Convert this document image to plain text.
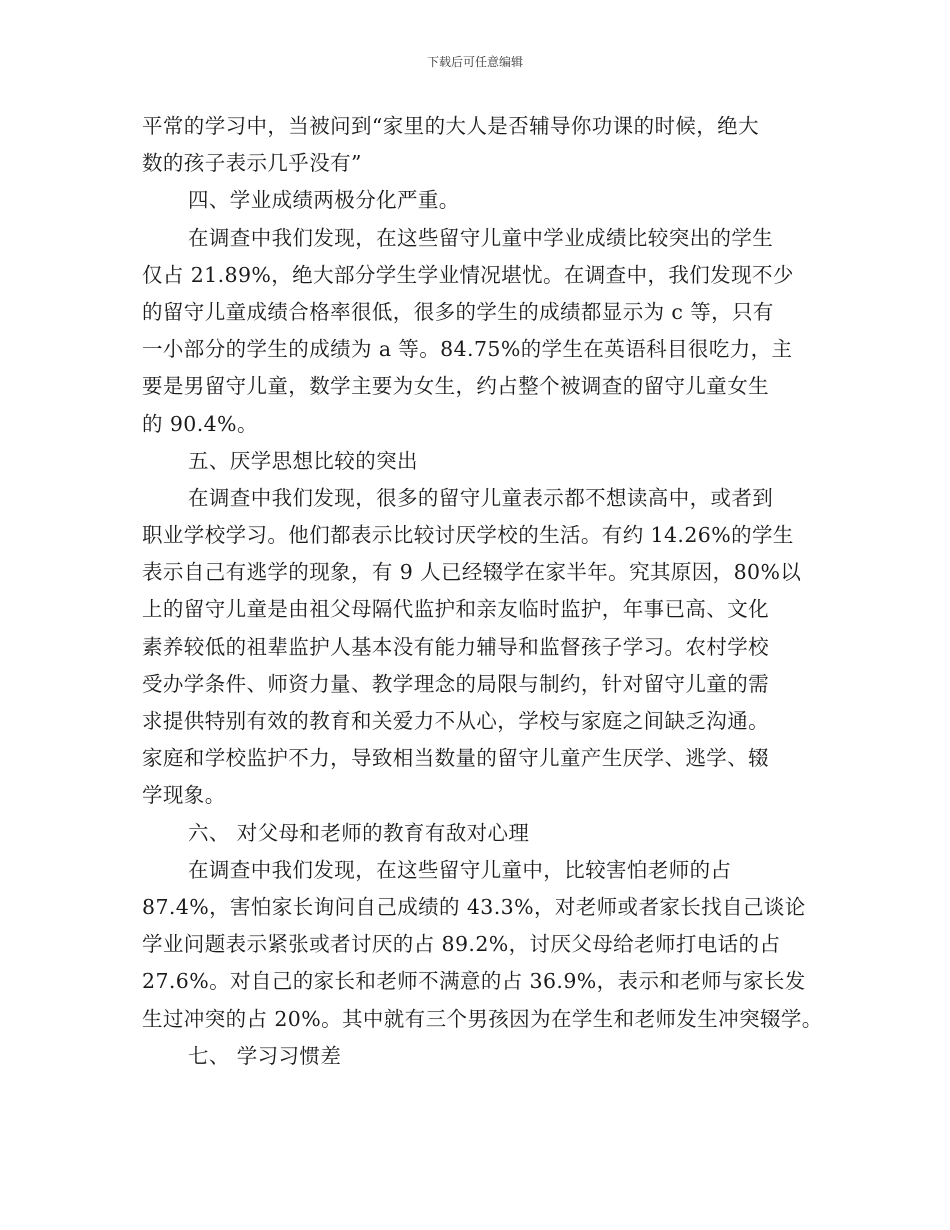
下载后可任意编辑
平常的学习中，当被问到“家里的大人是否辅导你功课的时候，绝大
数的孩子表示几乎没有”
四、学业成绩两极分化严重。
在调查中我们发现，在这些留守儿童中学业成绩比较突出的学生
仅占 21.89%，绝大部分学生学业情况堪忧。在调查中，我们发现不少
的留守儿童成绩合格率很低，很多的学生的成绩都显示为 c 等，只有
一小部分的学生的成绩为 a 等。84.75%的学生在英语科目很吃力，主
要是男留守儿童，数学主要为女生，约占整个被调查的留守儿童女生
的 90.4%。
五、厌学思想比较的突出
在调查中我们发现，很多的留守儿童表示都不想读高中，或者到
职业学校学习。他们都表示比较讨厌学校的生活。有约 14.26%的学生
表示自己有逃学的现象，有 9 人已经辍学在家半年。究其原因，80%以
上的留守儿童是由祖父母隔代监护和亲友临时监护，年事已高、文化
素养较低的祖辈监护人基本没有能力辅导和监督孩子学习。农村学校
受办学条件、师资力量、教学理念的局限与制约，针对留守儿童的需
求提供特别有效的教育和关爱力不从心，学校与家庭之间缺乏沟通。
家庭和学校监护不力，导致相当数量的留守儿童产生厌学、逃学、辍
学现象。
六、 对父母和老师的教育有敌对心理
在调查中我们发现，在这些留守儿童中，比较害怕老师的占
87.4%，害怕家长询问自己成绩的 43.3%，对老师或者家长找自己谈论
学业问题表示紧张或者讨厌的占 89.2%，讨厌父母给老师打电话的占
27.6%。对自己的家长和老师不满意的占 36.9%，表示和老师与家长发
生过冲突的占 20%。其中就有三个男孩因为在学生和老师发生冲突辍学。
七、 学习习惯差
